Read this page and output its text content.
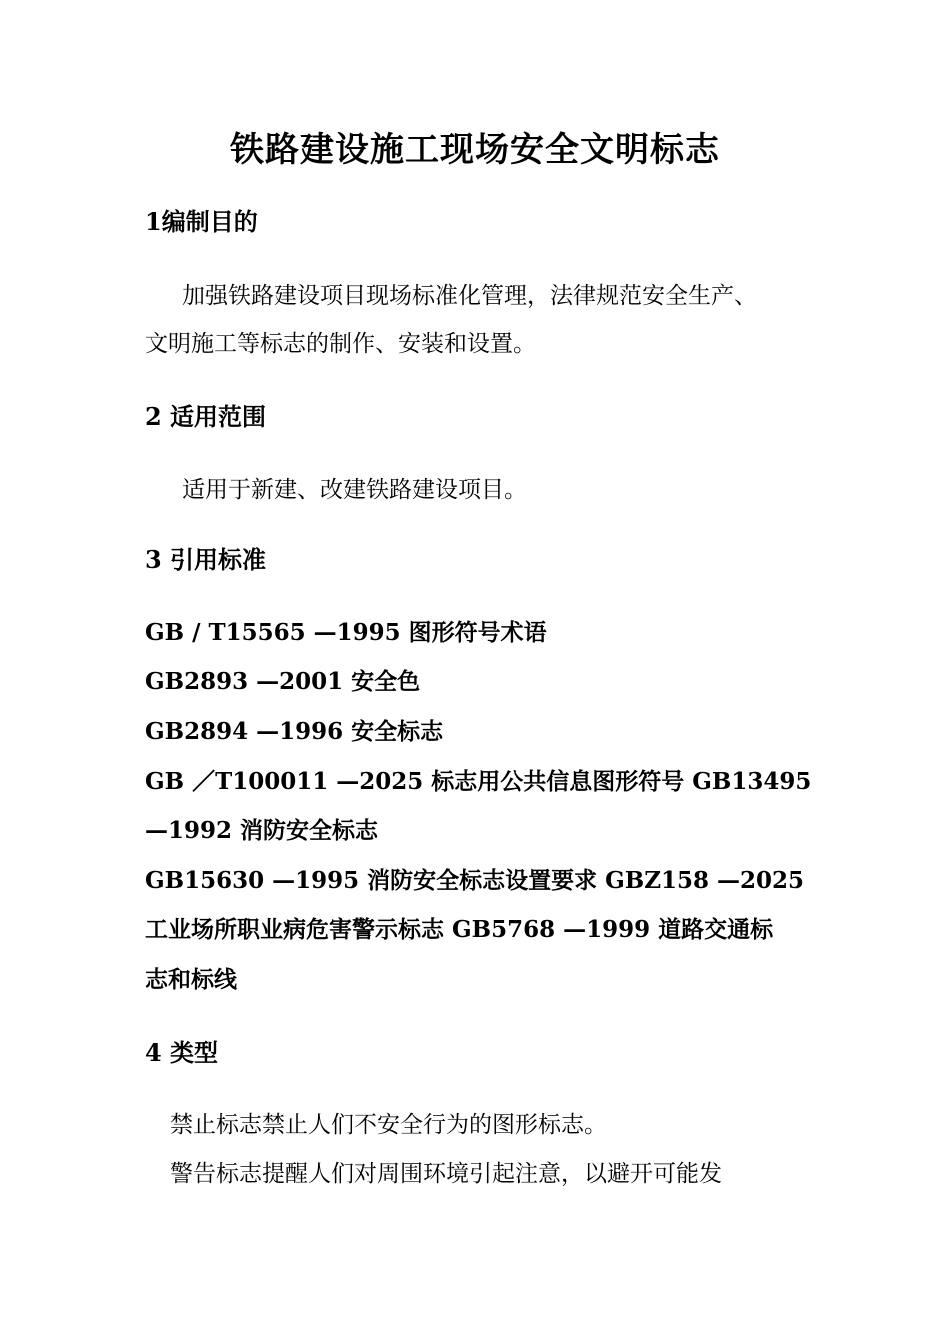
铁路建设施工现场安全文明标志
1编制目的
加强铁路建设项目现场标准化管理，法律规范安全生产、
文明施工等标志的制作、安装和设置。
2 适用范围
适用于新建、改建铁路建设项目。
3 引用标准
GB / T15565 —1995 图形符号术语
GB2893 —2001 安全色
GB2894 —1996 安全标志
GB ／T100011 —2025 标志用公共信息图形符号 GB13495
—1992 消防安全标志
GB15630 —1995 消防安全标志设置要求 GBZ158 —2025
工业场所职业病危害警示标志 GB5768 —1999 道路交通标
志和标线
4 类型
禁止标志禁止人们不安全行为的图形标志。
警告标志提醒人们对周围环境引起注意，以避开可能发
